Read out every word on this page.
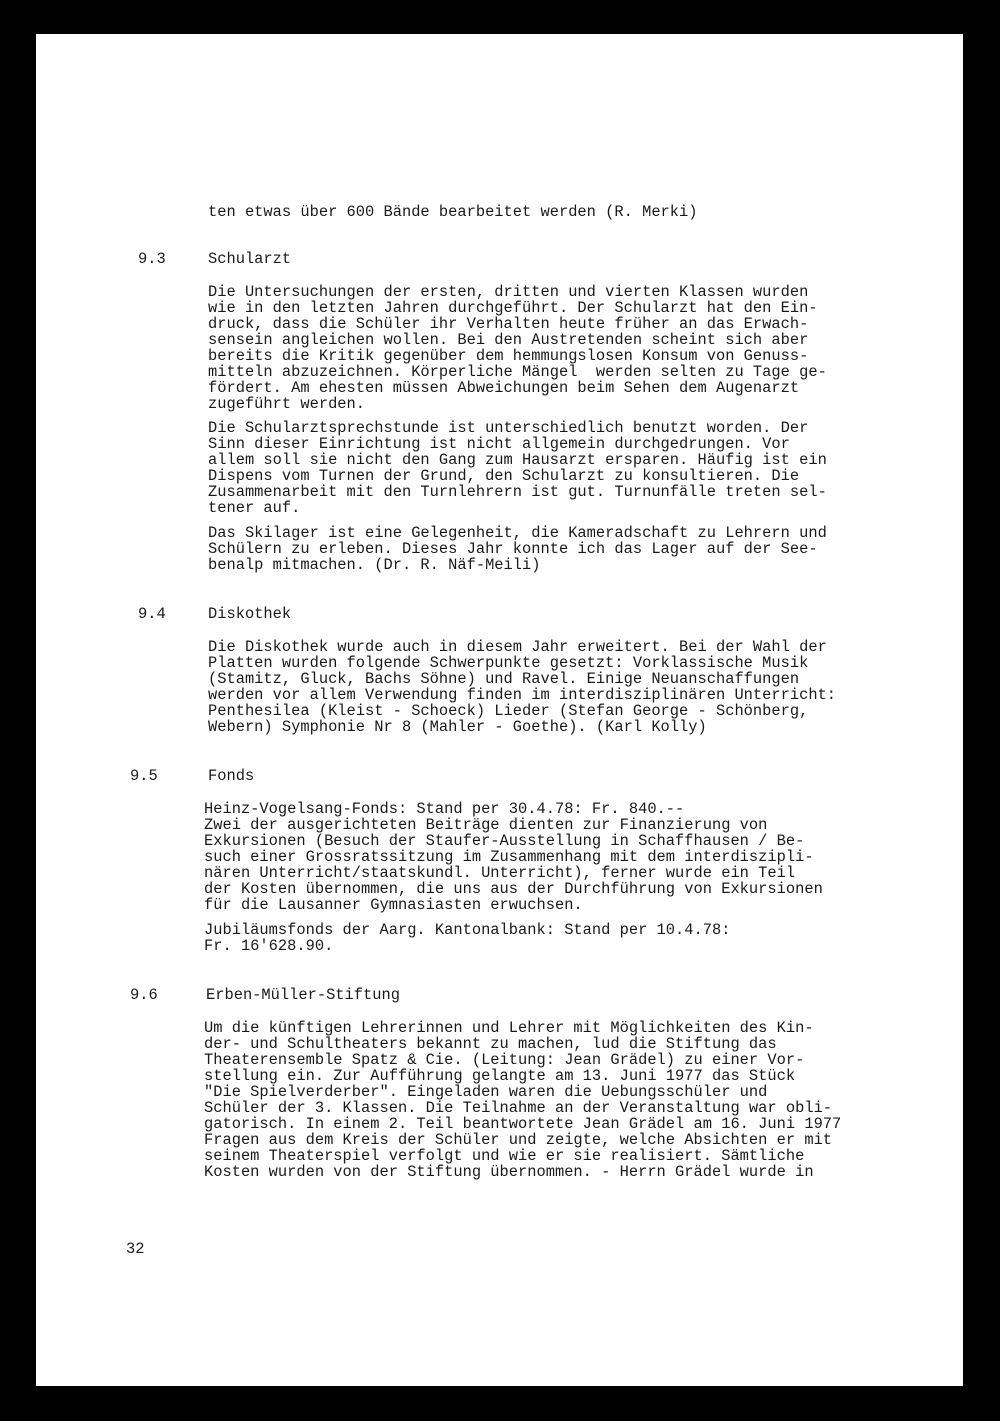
ten etwas über 600 Bände bearbeitet werden (R. Merki)
9.3	Schularzt
Die Untersuchungen der ersten, dritten und vierten Klassen wurden
wie in den letzten Jahren durchgeführt. Der Schularzt hat den Ein-
druck, dass die Schüler ihr Verhalten heute früher an das Erwach-
sensein angleichen wollen. Bei den Austretenden scheint sich aber
bereits die Kritik gegenüber dem hemmungslosen Konsum von Genuss-
mitteln abzuzeichnen. Körperliche Mängel  werden selten zu Tage ge-
fördert. Am ehesten müssen Abweichungen beim Sehen dem Augenarzt
zugeführt werden.
Die Schularztsprechstunde ist unterschiedlich benutzt worden. Der
Sinn dieser Einrichtung ist nicht allgemein durchgedrungen. Vor
allem soll sie nicht den Gang zum Hausarzt ersparen. Häufig ist ein
Dispens vom Turnen der Grund, den Schularzt zu konsultieren. Die
Zusammenarbeit mit den Turnlehrern ist gut. Turnunfälle treten sel-
tener auf.
Das Skilager ist eine Gelegenheit, die Kameradschaft zu Lehrern und
Schülern zu erleben. Dieses Jahr konnte ich das Lager auf der See-
benalp mitmachen. (Dr. R. Näf-Meili)
9.4	Diskothek
Die Diskothek wurde auch in diesem Jahr erweitert. Bei der Wahl der
Platten wurden folgende Schwerpunkte gesetzt: Vorklassische Musik
(Stamitz, Gluck, Bachs Söhne) und Ravel. Einige Neuanschaffungen
werden vor allem Verwendung finden im interdisziplinären Unterricht:
Penthesilea (Kleist - Schoeck) Lieder (Stefan George - Schönberg,
Webern) Symphonie Nr 8 (Mahler - Goethe). (Karl Kolly)
9.5	Fonds
Heinz-Vogelsang-Fonds: Stand per 30.4.78: Fr. 840.--
Zwei der ausgerichteten Beiträge dienten zur Finanzierung von
Exkursionen (Besuch der Staufer-Ausstellung in Schaffhausen / Be-
such einer Grossratssitzung im Zusammenhang mit dem interdiszipli-
nären Unterricht/staatskundl. Unterricht), ferner wurde ein Teil
der Kosten übernommen, die uns aus der Durchführung von Exkursionen
für die Lausanner Gymnasiasten erwuchsen.
Jubiläumsfonds der Aarg. Kantonalbank: Stand per 10.4.78:
Fr. 16'628.90.
9.6	Erben-Müller-Stiftung
Um die künftigen Lehrerinnen und Lehrer mit Möglichkeiten des Kin-
der- und Schultheaters bekannt zu machen, lud die Stiftung das
Theaterensemble Spatz & Cie. (Leitung: Jean Grädel) zu einer Vor-
stellung ein. Zur Aufführung gelangte am 13. Juni 1977 das Stück
"Die Spielverderber". Eingeladen waren die Uebungsschüler und
Schüler der 3. Klassen. Die Teilnahme an der Veranstaltung war obli-
gatorisch. In einem 2. Teil beantwortete Jean Grädel am 16. Juni 1977
Fragen aus dem Kreis der Schüler und zeigte, welche Absichten er mit
seinem Theaterspiel verfolgt und wie er sie realisiert. Sämtliche
Kosten wurden von der Stiftung übernommen. - Herrn Grädel wurde in
32
